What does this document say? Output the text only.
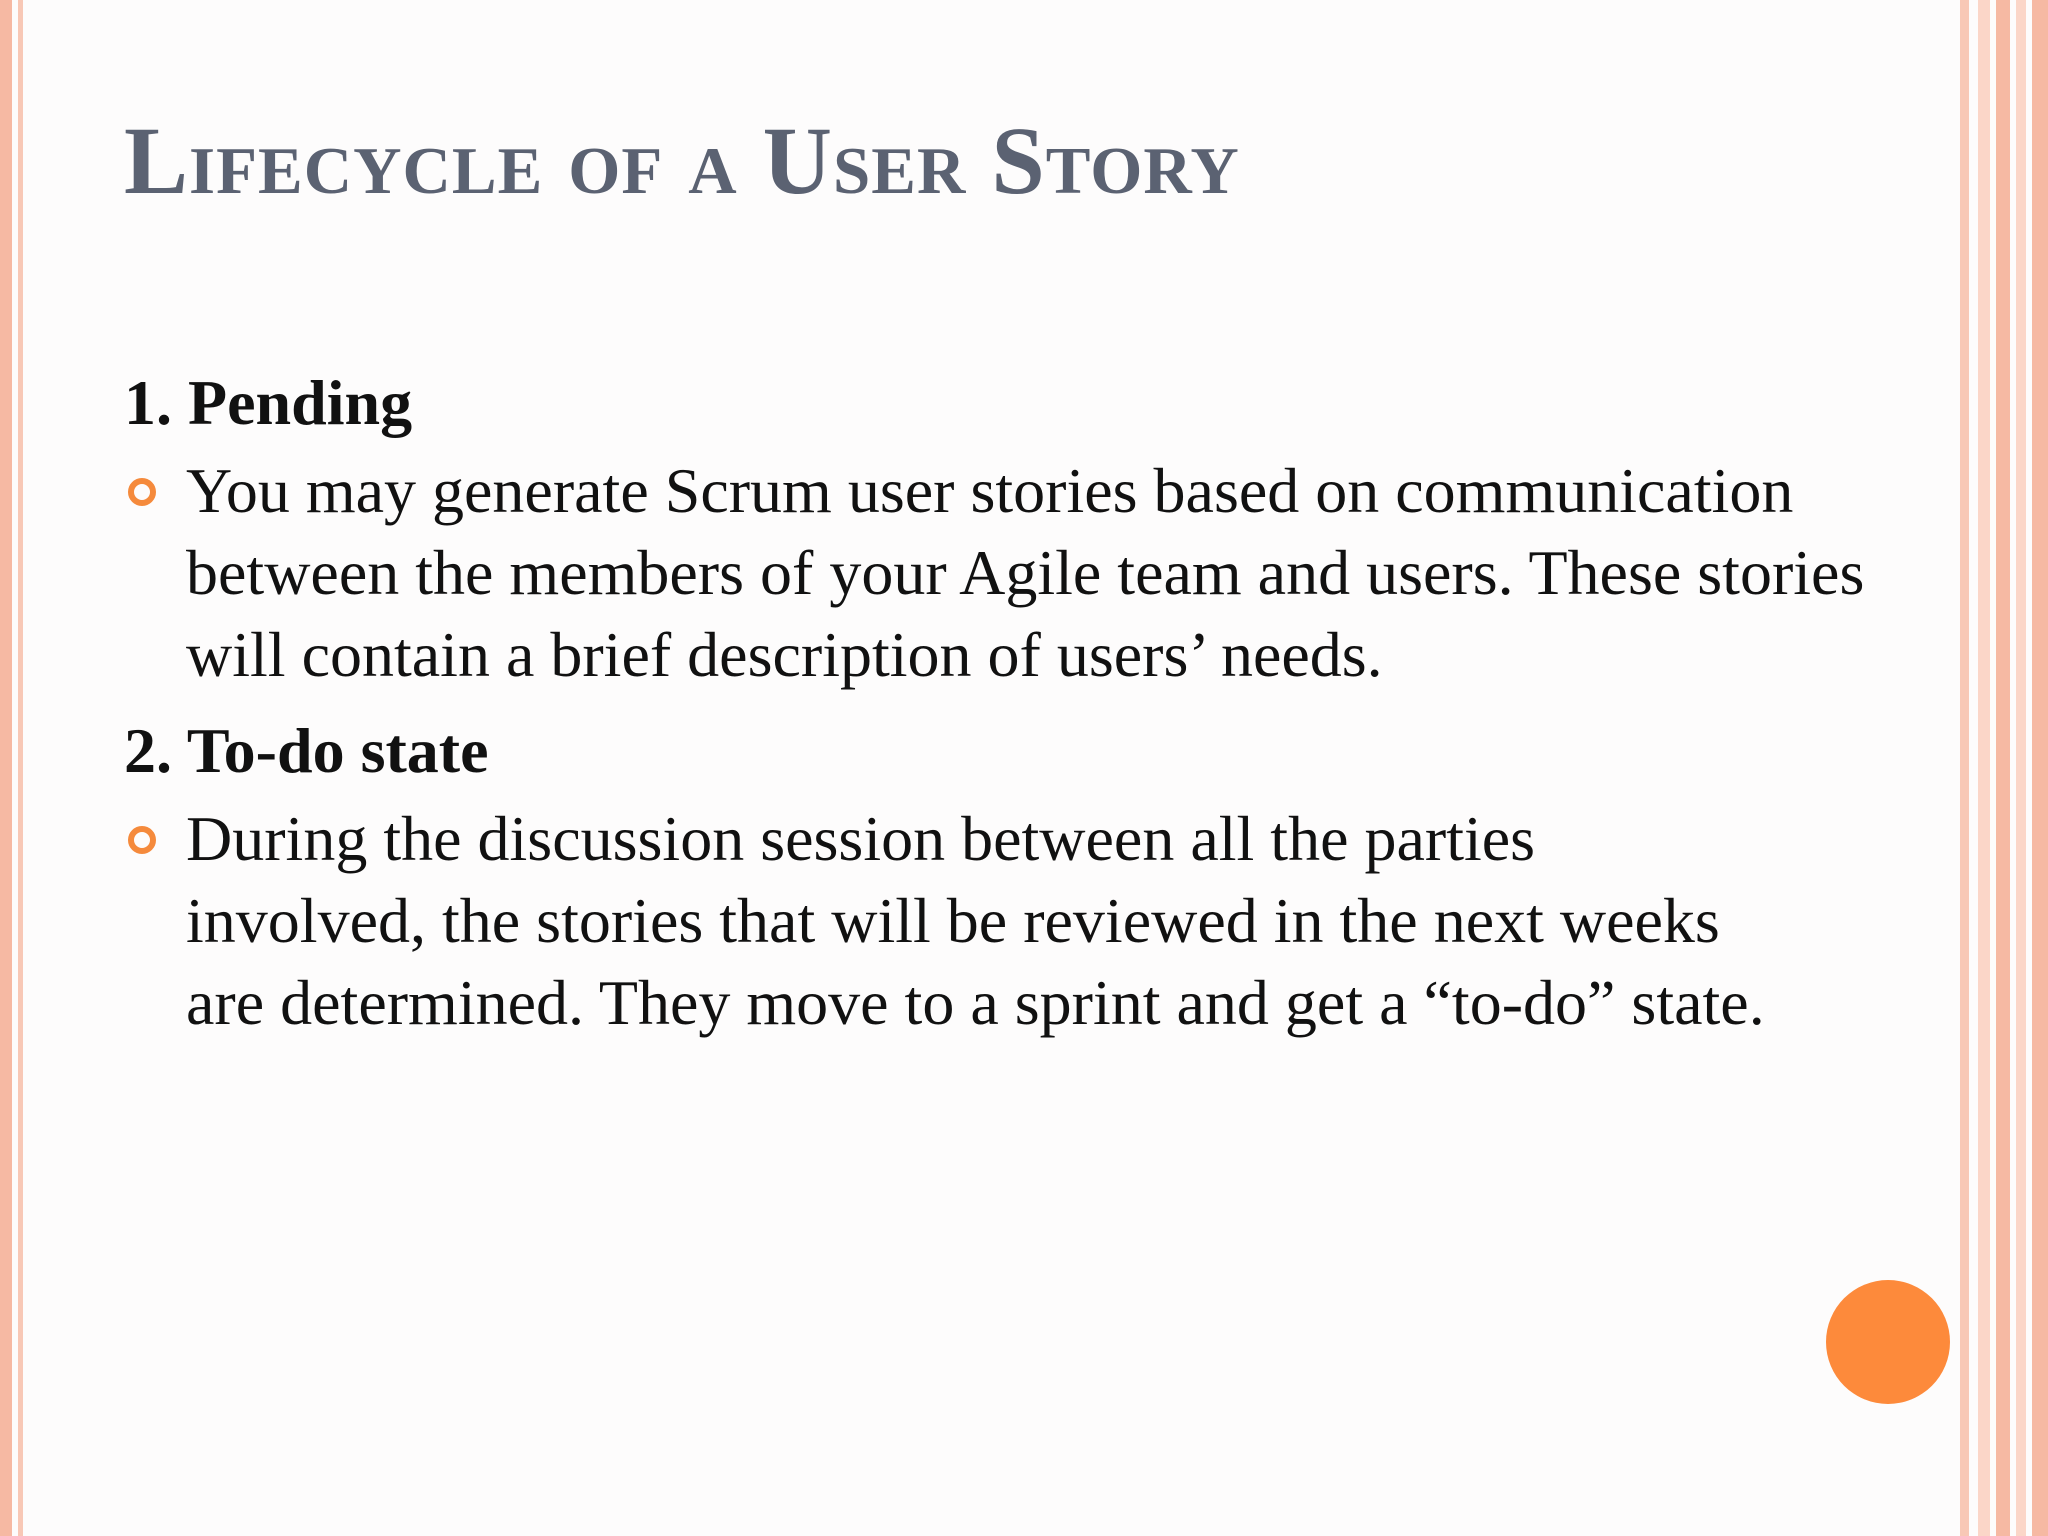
Lifecycle of a User Story
1. Pending
You may generate Scrum user stories based on communication between the members of your Agile team and users. These stories will contain a brief description of users’ needs.
2. To-do state
During the discussion session between all the parties involved, the stories that will be reviewed in the next weeks are determined. They move to a sprint and get a “to-do” state.
